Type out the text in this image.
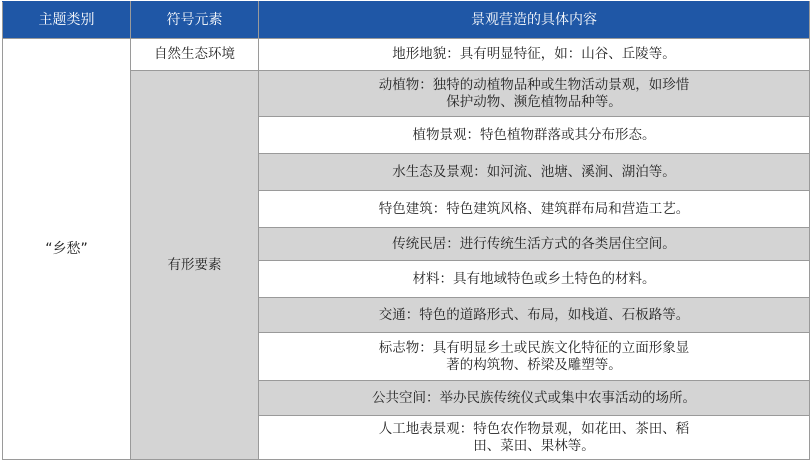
主题类别	符号元素	景观营造的具体内容
“乡愁”	自然生态环境	地形地貌：具有明显特征，如：山谷、丘陵等。

	有形要素	动植物：独特的动植物品种或生物活动景观，如珍惜
保护动物、濒危植物品种等。

		植物景观：特色植物群落或其分布形态。

		水生态及景观：如河流、池塘、溪涧、湖泊等。

		特色建筑：特色建筑风格、建筑群布局和营造工艺。

		传统民居：进行传统生活方式的各类居住空间。

		材料：具有地域特色或乡土特色的材料。

		交通：特色的道路形式、布局，如栈道、石板路等。

		标志物：具有明显乡土或民族文化特征的立面形象显
著的构筑物、桥梁及雕塑等。

		公共空间：举办民族传统仪式或集中农事活动的场所。

		人工地表景观：特色农作物景观，如花田、茶田、稻
田、菜田、果林等。
